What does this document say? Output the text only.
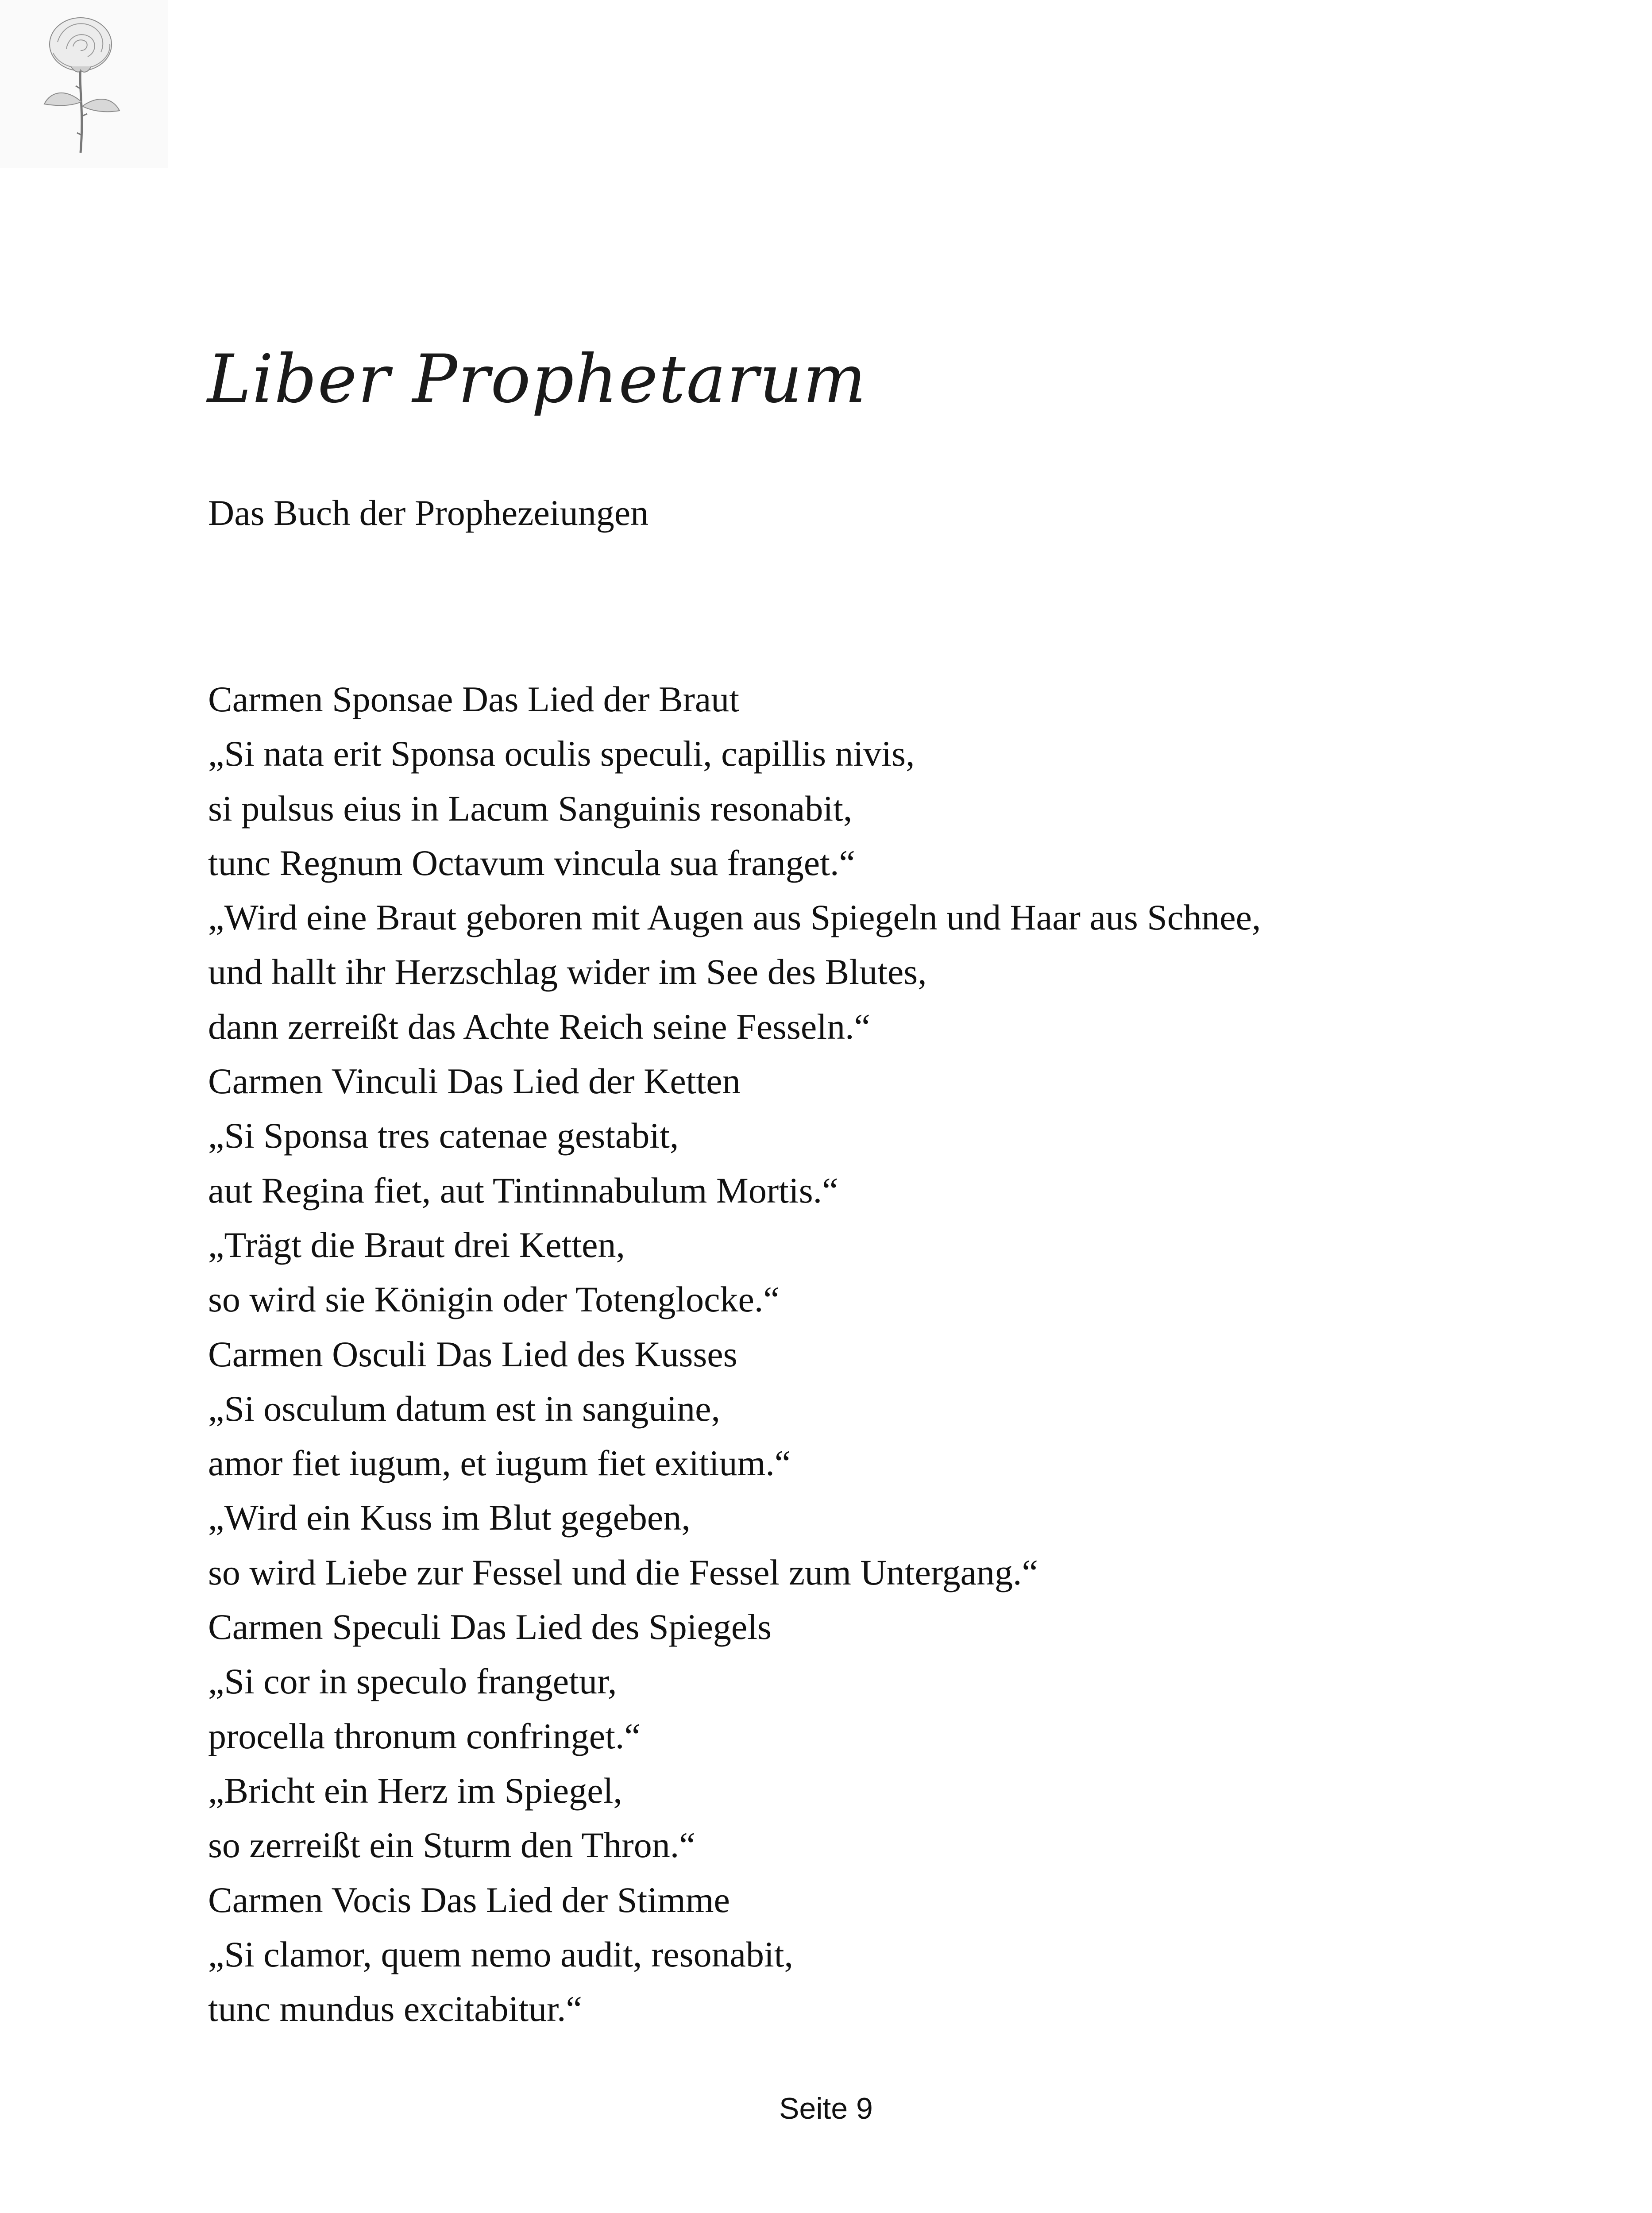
Liber Prophetarum
Das Buch der Prophezeiungen
Carmen Sponsae Das Lied der Braut
„Si nata erit Sponsa oculis speculi, capillis nivis,
si pulsus eius in Lacum Sanguinis resonabit,
tunc Regnum Octavum vincula sua franget.“
„Wird eine Braut geboren mit Augen aus Spiegeln und Haar aus Schnee,
und hallt ihr Herzschlag wider im See des Blutes,
dann zerreißt das Achte Reich seine Fesseln.“
Carmen Vinculi Das Lied der Ketten
„Si Sponsa tres catenae gestabit,
aut Regina fiet, aut Tintinnabulum Mortis.“
„Trägt die Braut drei Ketten,
so wird sie Königin oder Totenglocke.“
Carmen Osculi Das Lied des Kusses
„Si osculum datum est in sanguine,
amor fiet iugum, et iugum fiet exitium.“
„Wird ein Kuss im Blut gegeben,
so wird Liebe zur Fessel und die Fessel zum Untergang.“
Carmen Speculi Das Lied des Spiegels
„Si cor in speculo frangetur,
procella thronum confringet.“
„Bricht ein Herz im Spiegel,
so zerreißt ein Sturm den Thron.“
Carmen Vocis Das Lied der Stimme
„Si clamor, quem nemo audit, resonabit,
tunc mundus excitabitur.“
Seite 9
